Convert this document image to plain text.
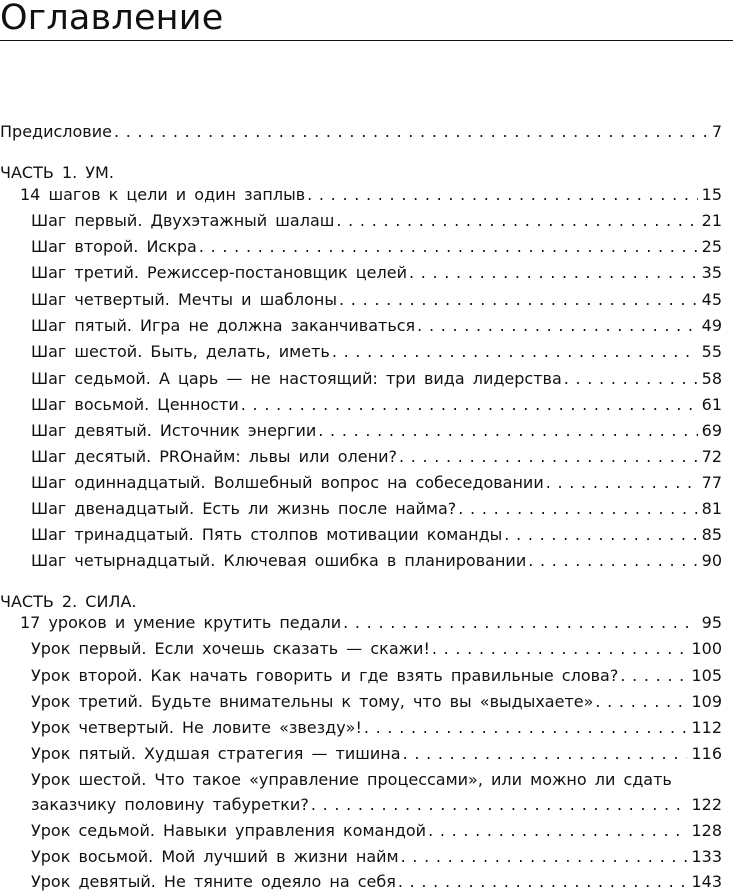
Оглавление
Предисловие . . .	7
ЧАСТЬ 1. УМ.
14 шагов к цели и один заплыв . . .	15
Шаг первый. Двухэтажный шалаш . . .	21
Шаг второй. Искра . . .	25
Шаг третий. Режиссер-постановщик целей . . .	35
Шаг четвертый. Мечты и шаблоны . . .	45
Шаг пятый. Игра не должна заканчиваться . . .	49
Шаг шестой. Быть, делать, иметь . . .	55
Шаг седьмой. А царь — не настоящий: три вида лидерства . . .	58
Шаг восьмой. Ценности . . .	61
Шаг девятый. Источник энергии . . .	69
Шаг десятый. PROнайм: львы или олени? . . .	72
Шаг одиннадцатый. Волшебный вопрос на собеседовании . . .	77
Шаг двенадцатый. Есть ли жизнь после найма? . . .	81
Шаг тринадцатый. Пять столпов мотивации команды . . .	85
Шаг четырнадцатый. Ключевая ошибка в планировании . . .	90
ЧАСТЬ 2. СИЛА.
17 уроков и умение крутить педали . . .	95
Урок первый. Если хочешь сказать — скажи! . . .	100
Урок второй. Как начать говорить и где взять правильные слова? . . .	105
Урок третий. Будьте внимательны к тому, что вы «выдыхаете» . . .	109
Урок четвертый. Не ловите «звезду»! . . .	112
Урок пятый. Худшая стратегия — тишина . . .	116
Урок шестой. Что такое «управление процессами», или можно ли сдать
заказчику половину табуретки? . . .	122
Урок седьмой. Навыки управления командой . . .	128
Урок восьмой. Мой лучший в жизни найм . . .	133
Урок девятый. Не тяните одеяло на себя . . .	143
